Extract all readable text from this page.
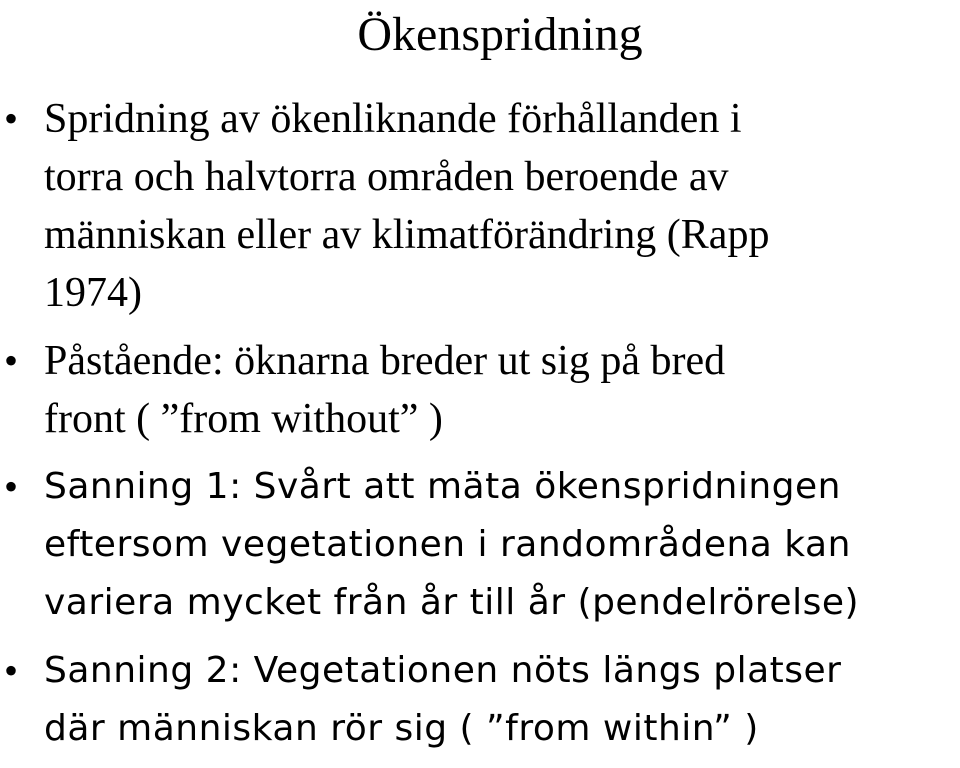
Ökenspridning
• Spridning av ökenliknande förhållanden i
torra och halvtorra områden beroende av
människan eller av klimatförändring (Rapp
1974)
• Påstående: öknarna breder ut sig på bred
front ( ”from without” )
• Sanning 1: Svårt att mäta ökenspridningen
eftersom vegetationen i randområdena kan
variera mycket från år till år (pendelrörelse)
• Sanning 2: Vegetationen nöts längs platser
där människan rör sig ( ”from within” )
